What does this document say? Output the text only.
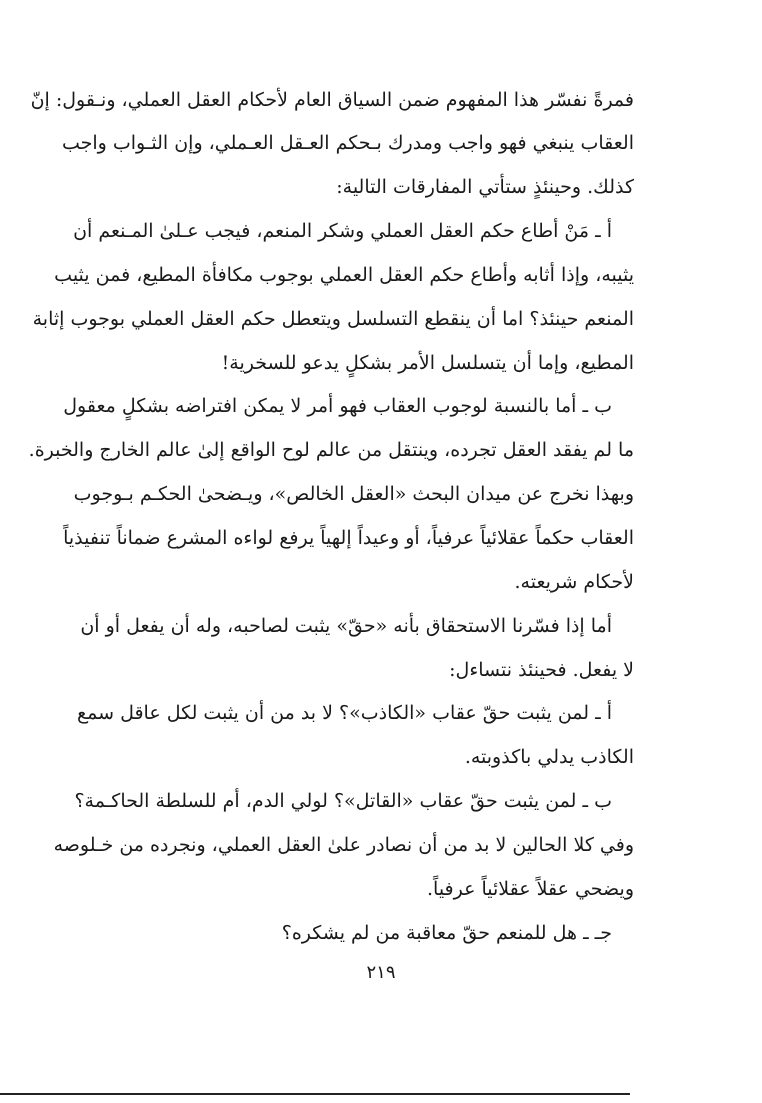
فمرةً نفسّر هذا المفهوم ضمن السياق العام لأحكام العقل العملي، ونـقول: إنّ
العقاب ينبغي فهو واجب ومدرك بـحكم العـقل العـملي، وإن الثـواب واجب
كذلك. وحينئذٍ ستأتي المفارقات التالية:
أ ـ مَنْ أطاع حكم العقل العملي وشكر المنعم، فيجب عـلىٰ المـنعم أن
يثيبه، وإذا أثابه وأطاع حكم العقل العملي بوجوب مكافأة المطيع، فمن يثيب
المنعم حينئذ؟ اما أن ينقطع التسلسل ويتعطل حكم العقل العملي بوجوب إثابة
المطيع، وإما أن يتسلسل الأمر بشكلٍ يدعو للسخرية!
ب ـ أما بالنسبة لوجوب العقاب فهو أمر لا يمكن افتراضه بشكلٍ معقول
ما لم يفقد العقل تجرده، وينتقل من عالم لوح الواقع إلىٰ عالم الخارج والخبرة.
وبهذا نخرج عن ميدان البحث «العقل الخالص»، ويـضحىٰ الحكـم بـوجوب
العقاب حكماً عقلائياً عرفياً، أو وعيداً إلهياً يرفع لواءه المشرع ضماناً تنفيذياً
لأحكام شريعته.
أما إذا فسّرنا الاستحقاق بأنه «حقّ» يثبت لصاحبه، وله أن يفعل أو أن
لا يفعل. فحينئذ نتساءل:
أ ـ لمن يثبت حقّ عقاب «الكاذب»؟ لا بد من أن يثبت لكل عاقل سمع
الكاذب يدلي باكذوبته.
ب ـ لمن يثبت حقّ عقاب «القاتل»؟ لولي الدم، أم للسلطة الحاكـمة؟
وفي كلا الحالين لا بد من أن نصادر علىٰ العقل العملي، ونجرده من خـلوصه
ويضحي عقلاً عقلائياً عرفياً.
جـ ـ هل للمنعم حقّ معاقبة من لم يشكره؟
٢١٩
